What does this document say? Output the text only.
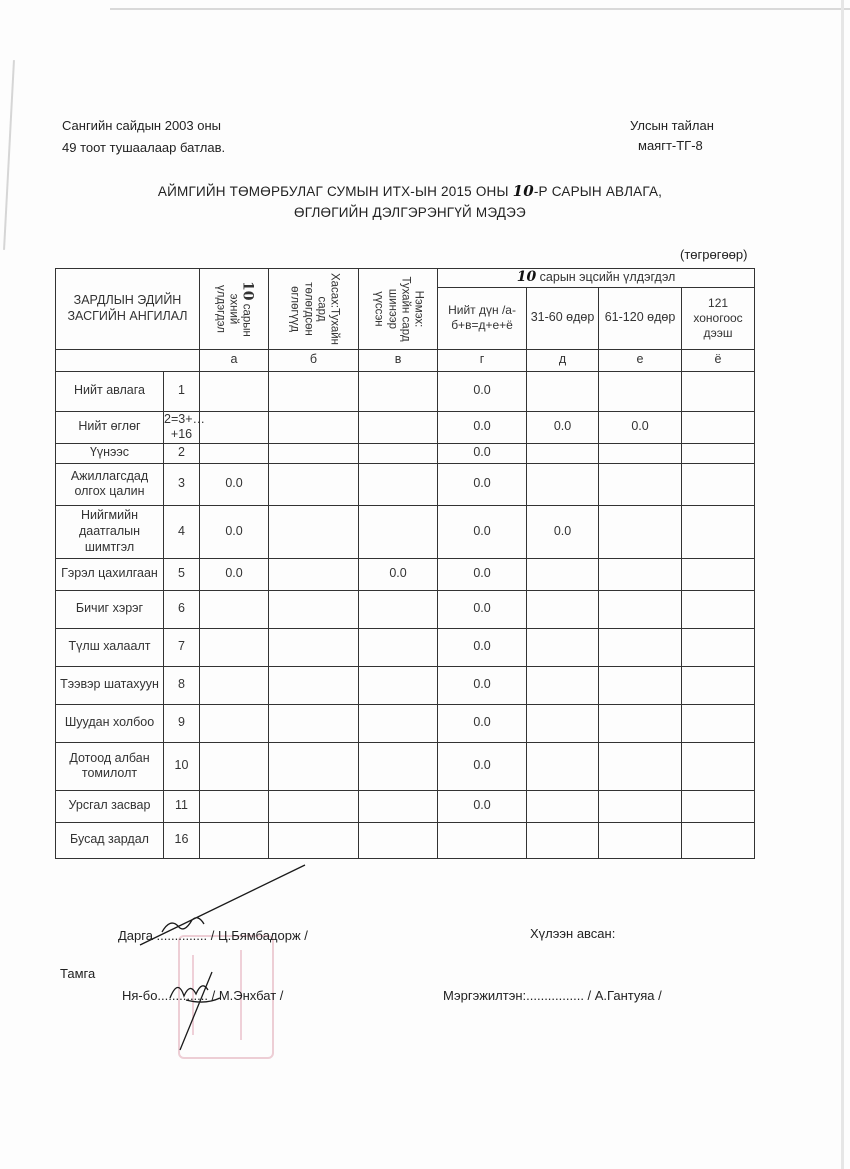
Сангийн сайдын 2003 оны
49 тоот тушаалаар батлав.
Улсын тайлан
маягт-ТГ-8
АЙМГИЙН ТӨМӨРБУЛАГ СУМЫН ИТХ-ЫН 2015 ОНЫ 10-Р САРЫН АВЛАГА,
ӨГЛӨГИЙН ДЭЛГЭРЭНГҮЙ МЭДЭЭ
(төгрөгөөр)
ЗАРДЛЫН ЭДИЙН ЗАСГИЙН АНГИЛАЛ		10 сарын эхний үлдэгдэл	Хасах:Тухайн сард төлөгдсөн өглөгүүд	Нэмэх: Тухайн сард шинээр үүссэн	10 сарын эцсийн үлдэгдэл			
					Нийт дүн /а-б+в=д+е+ё	31-60 өдөр	61-120 өдөр	121 хоногоос дээш
		а	б	в	г	д	е	ё
Нийт авлага	1				0.0			
Нийт өглөг	2=3+…+16				0.0	0.0	0.0	
Үүнээс	2				0.0			
Ажиллагсдад олгох цалин	3	0.0			0.0			
Нийгмийн даатгалын шимтгэл	4	0.0			0.0	0.0		
Гэрэл цахилгаан	5	0.0		0.0	0.0			
Бичиг хэрэг	6				0.0			
Түлш халаалт	7				0.0			
Тээвэр шатахуун	8				0.0			
Шуудан холбоо	9				0.0			
Дотоод албан томилолт	10				0.0			
Урсгал засвар	11				0.0			
Бусад зардал	16							
Дарга .............. / Ц.Бямбадорж /	Хүлээн авсан:
Тамга
Ня-бо.............. / М.Энхбат /	Мэргэжилтэн:................ / А.Гантуяа /
